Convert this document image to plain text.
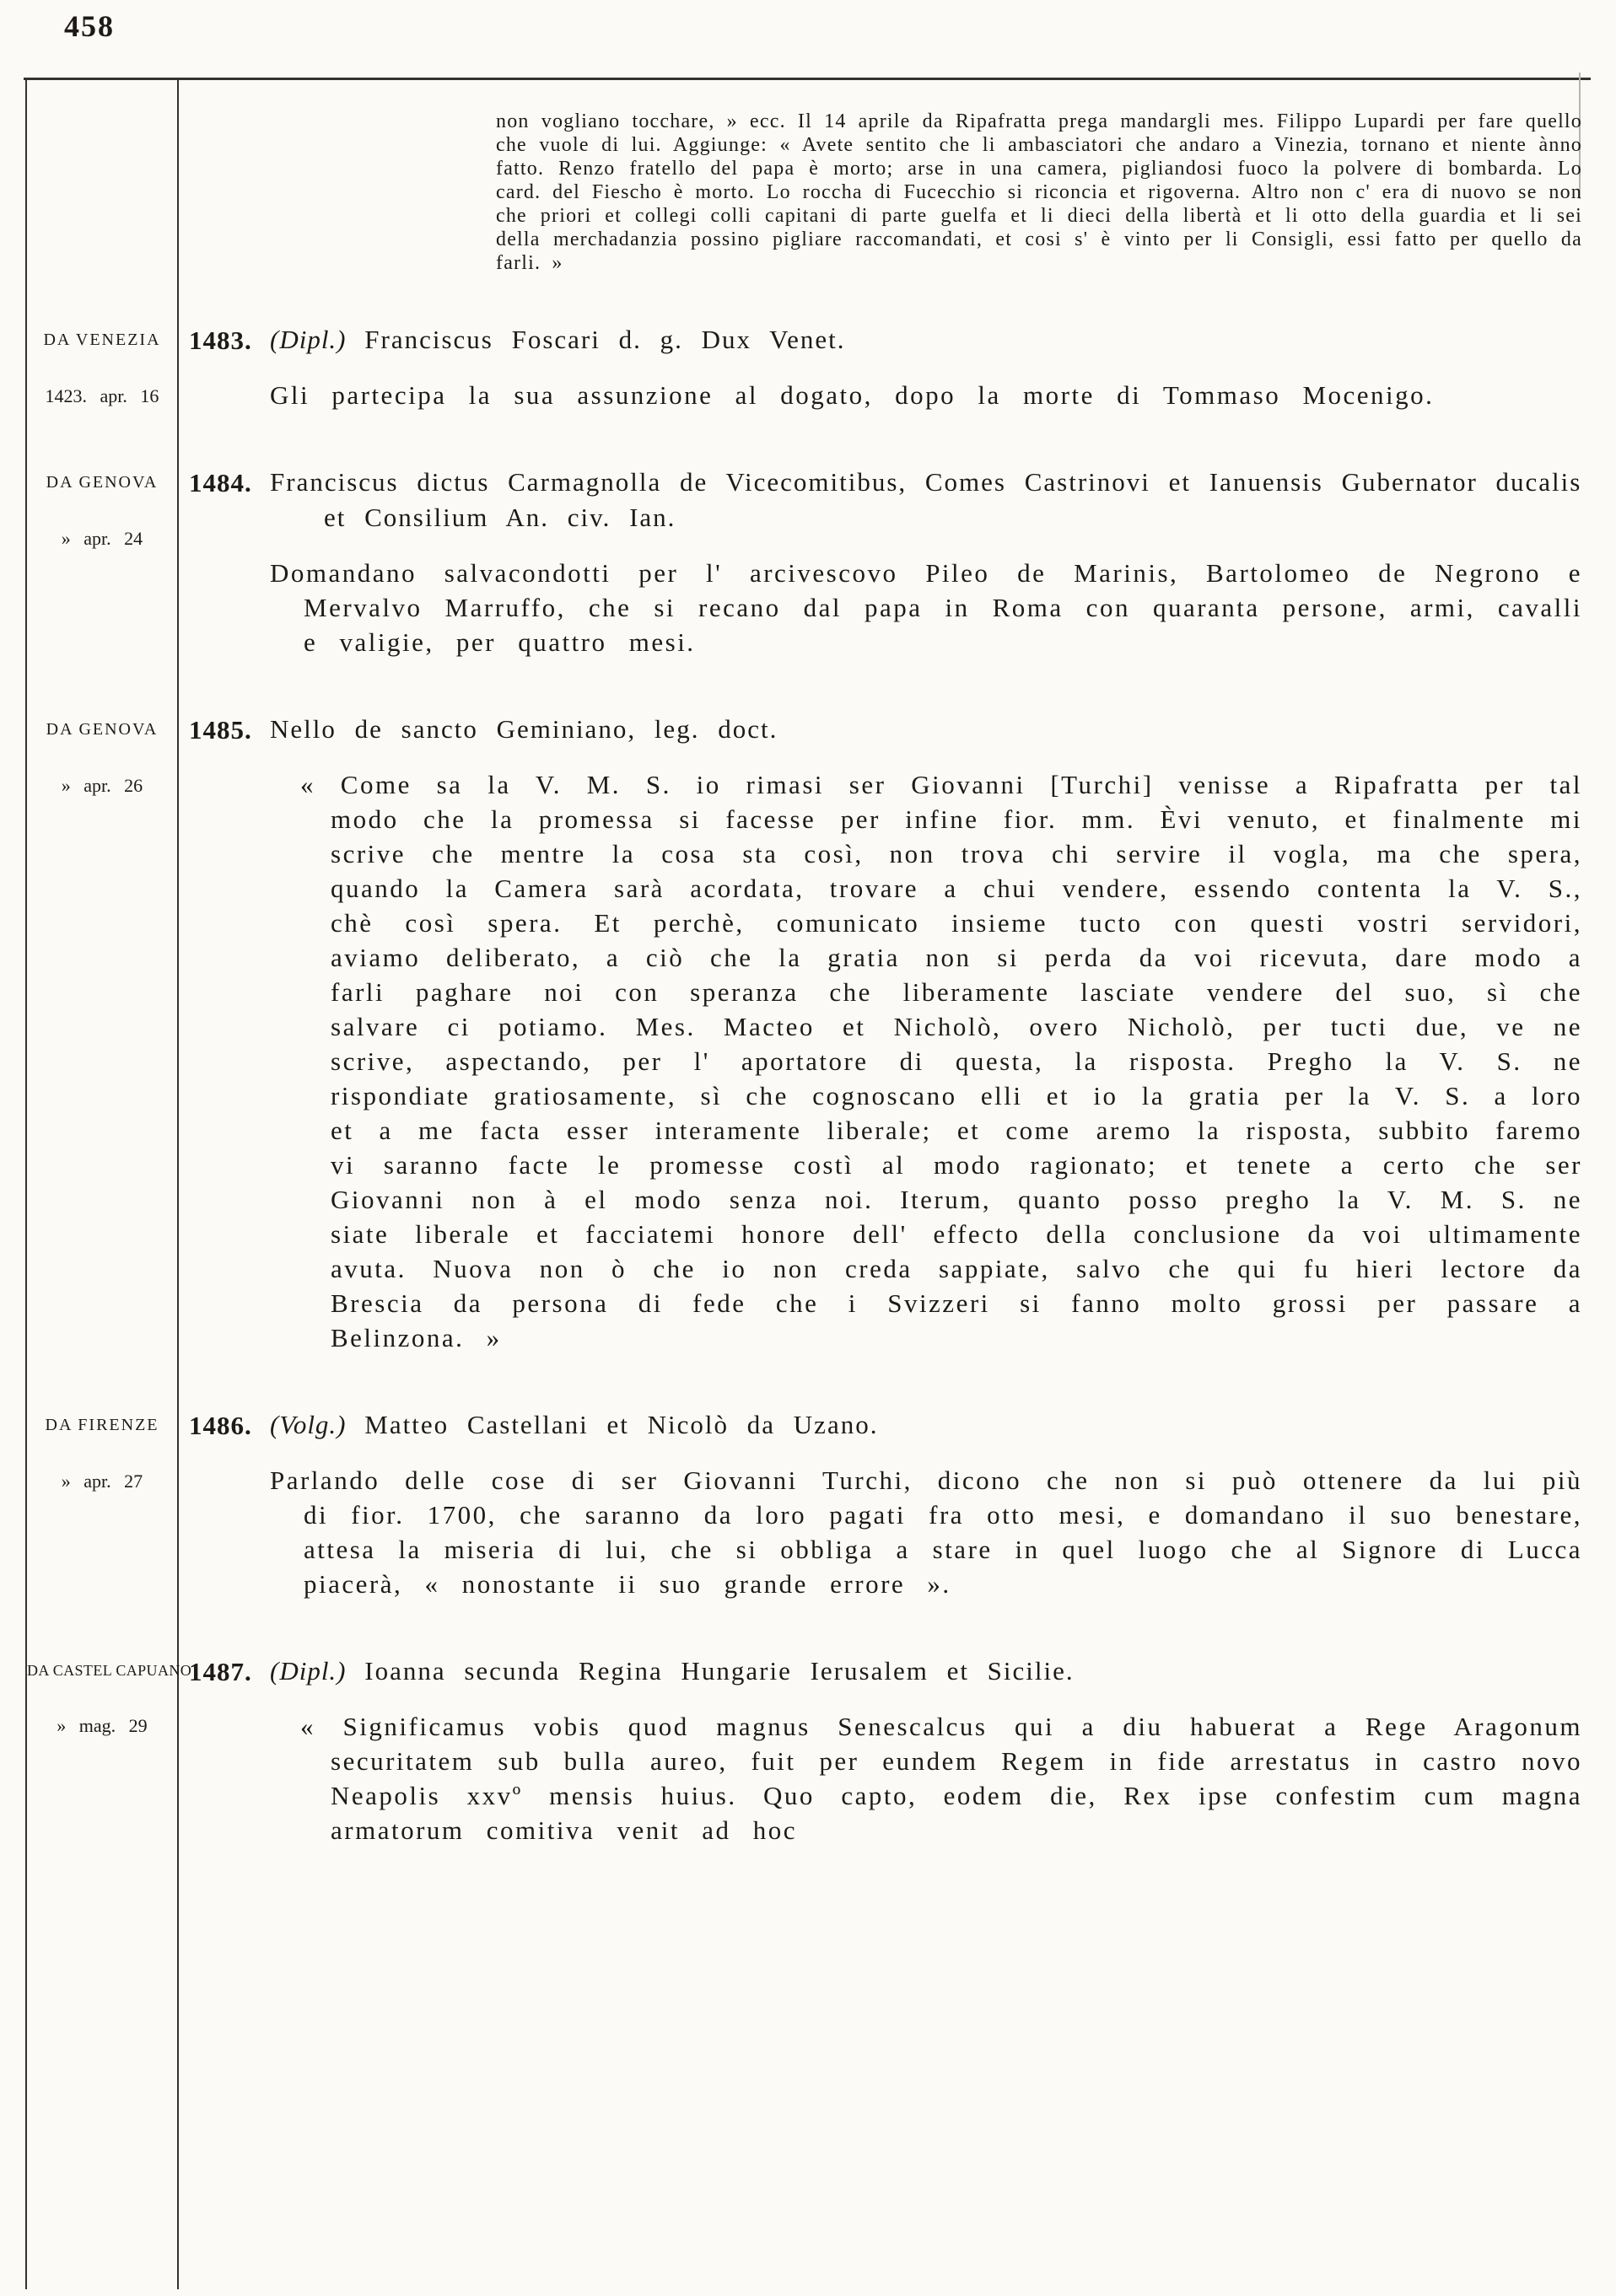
458

non vogliano tocchare, » ecc. Il 14 aprile da Ripafratta prega mandargli mes. Filippo Lupardi per fare quello che vuole di lui. Aggiunge: « Avete sentito che li ambasciatori che andaro a Vinezia, tornano et niente ànno fatto. Renzo fratello del papa è morto; arse in una camera, pigliandosi fuoco la polvere di bombarda. Lo card. del Fiescho è morto. Lo roccha di Fucecchio si riconcia et rigoverna. Altro non c' era di nuovo se non che priori et collegi colli capitani di parte guelfa et li dieci della libertà et li otto della guardia et li sei della merchadanzia possino pigliare raccomandati, et cosi s' è vinto per li Consigli, essi fatto per quello da farli. »

DA VENEZIA
1423. apr. 16
1483. (Dipl.) Franciscus Foscari d. g. Dux Venet.

Gli partecipa la sua assunzione al dogato, dopo la morte di Tommaso Mocenigo.

DA GENOVA
» apr. 24
1484. Franciscus dictus Carmagnolla de Vicecomitibus, Comes Castrinovi et Ianuensis Gubernator ducalis et Consilium An. civ. Ian.

Domandano salvacondotti per l' arcivescovo Pileo de Marinis, Bartolomeo de Negrono e Mervalvo Marruffo, che si recano dal papa in Roma con quaranta persone, armi, cavalli e valigie, per quattro mesi.

DA GENOVA
» apr. 26
1485. Nello de sancto Geminiano, leg. doct.

« Come sa la V. M. S. io rimasi ser Giovanni [Turchi] venisse a Ripafratta per tal modo che la promessa si facesse per infine fior. mm. Èvi venuto, et finalmente mi scrive che mentre la cosa sta così, non trova chi servire il vogla, ma che spera, quando la Camera sarà acordata, trovare a chui vendere, essendo contenta la V. S., chè così spera. Et perchè, comunicato insieme tucto con questi vostri servidori, aviamo deliberato, a ciò che la gratia non si perda da voi ricevuta, dare modo a farli paghare noi con speranza che liberamente lasciate vendere del suo, sì che salvare ci potiamo. Mes. Macteo et Nicholò, overo Nicholò, per tucti due, ve ne scrive, aspectando, per l' aportatore di questa, la risposta. Pregho la V. S. ne rispondiate gratiosamente, sì che cognoscano elli et io la gratia per la V. S. a loro et a me facta esser interamente liberale; et come aremo la risposta, subbito faremo vi saranno facte le promesse costì al modo ragionato; et tenete a certo che ser Giovanni non à el modo senza noi. Iterum, quanto posso pregho la V. M. S. ne siate liberale et facciatemi honore dell' effecto della conclusione da voi ultimamente avuta. Nuova non ò che io non creda sappiate, salvo che qui fu hieri lectore da Brescia da persona di fede che i Svizzeri si fanno molto grossi per passare a Belinzona. »

DA FIRENZE
» apr. 27
1486. (Volg.) Matteo Castellani et Nicolò da Uzano.

Parlando delle cose di ser Giovanni Turchi, dicono che non si può ottenere da lui più di fior. 1700, che saranno da loro pagati fra otto mesi, e domandano il suo benestare, attesa la miseria di lui, che si obbliga a stare in quel luogo che al Signore di Lucca piacerà, « nonostante ii suo grande errore ».

DA CASTEL CAPUANO
» mag. 29
1487. (Dipl.) Ioanna secunda Regina Hungarie Ierusalem et Sicilie.

« Significamus vobis quod magnus Senescalcus qui a diu habuerat a Rege Aragonum securitatem sub bulla aureo, fuit per eundem Regem in fide arrestatus in castro novo Neapolis xxvº mensis huius. Quo capto, eodem die, Rex ipse confestim cum magna armatorum comitiva venit ad hoc
